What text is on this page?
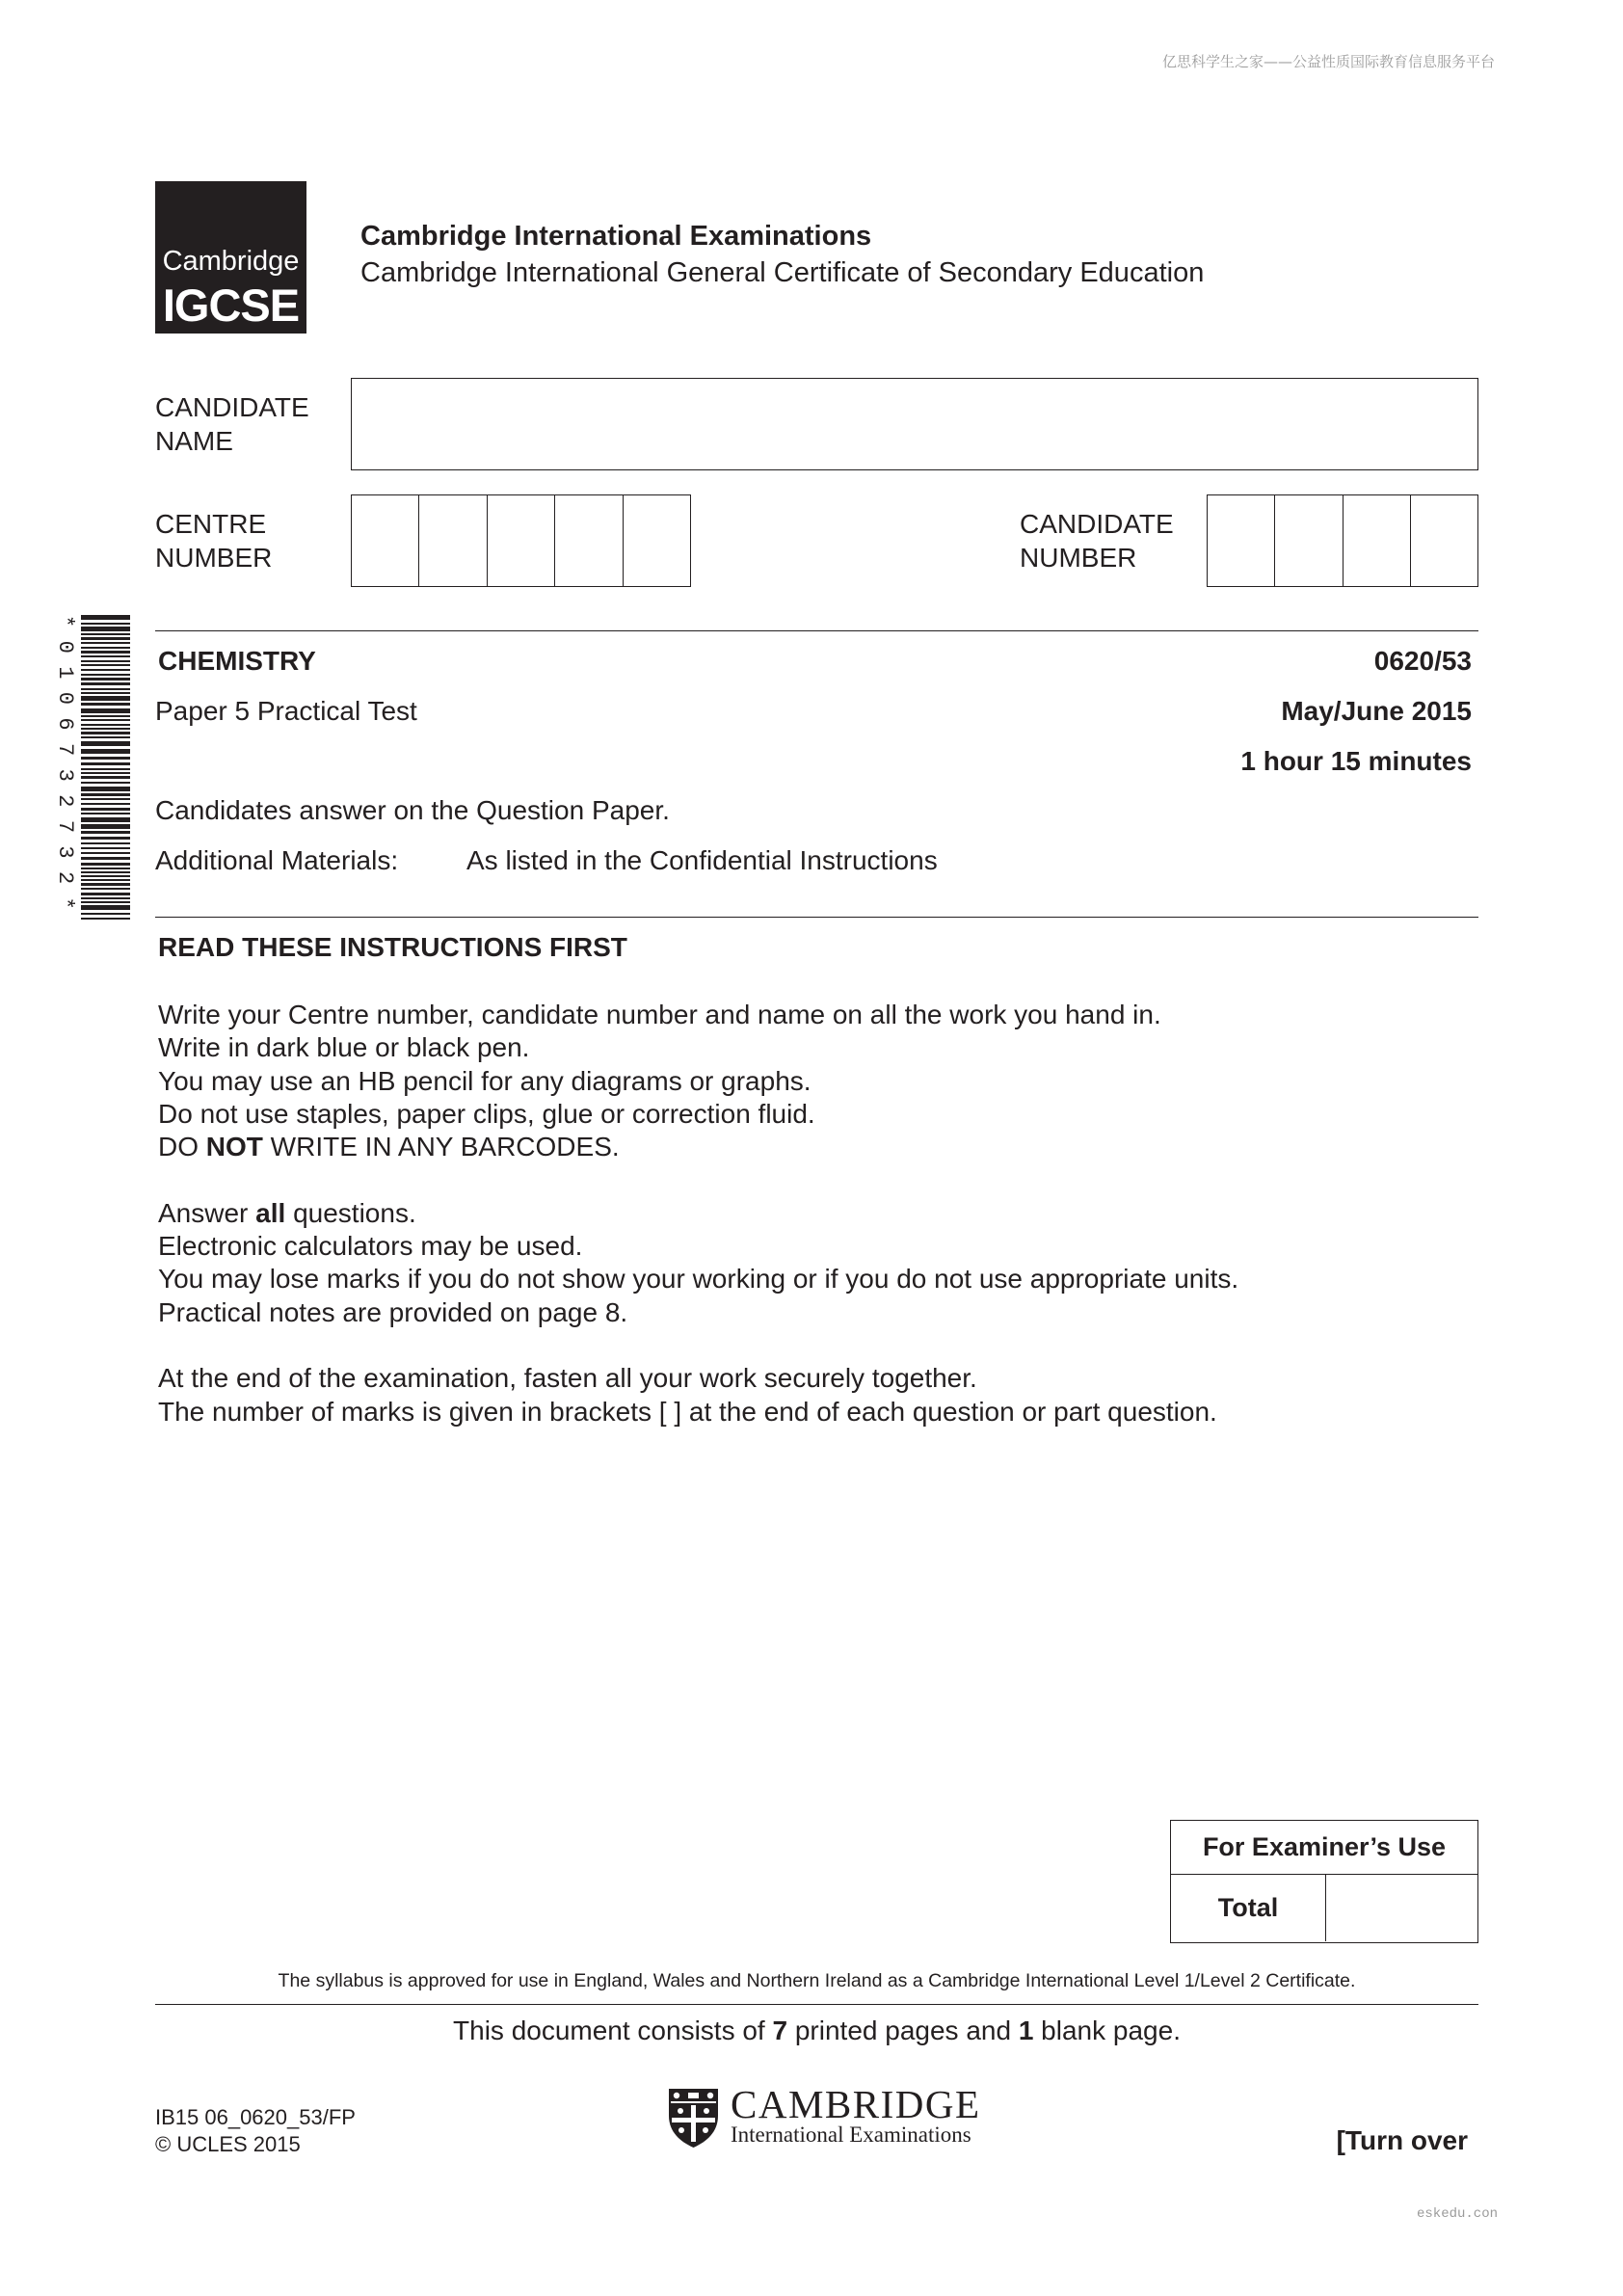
亿思科学生之家——公益性质国际教育信息服务平台
Cambridge
IGCSE
Cambridge International Examinations
Cambridge International General Certificate of Secondary Education
CANDIDATE
NAME
CENTRE
NUMBER
CANDIDATE
NUMBER
*0106732732*	CHEMISTRY	0620/53
Paper 5 Practical Test	May/June 2015
1 hour 15 minutes
Candidates answer on the Question Paper.
Additional Materials:	As listed in the Confidential Instructions
READ THESE INSTRUCTIONS FIRST
Write your Centre number, candidate number and name on all the work you hand in.
Write in dark blue or black pen.
You may use an HB pencil for any diagrams or graphs.
Do not use staples, paper clips, glue or correction fluid.
DO NOT WRITE IN ANY BARCODES.
Answer all questions.
Electronic calculators may be used.
You may lose marks if you do not show your working or if you do not use appropriate units.
Practical notes are provided on page 8.
At the end of the examination, fasten all your work securely together.
The number of marks is given in brackets [ ] at the end of each question or part question.
For Examiner’s Use
Total
The syllabus is approved for use in England, Wales and Northern Ireland as a Cambridge International Level 1/Level 2 Certificate.
This document consists of 7 printed pages and 1 blank page.
IB15 06_0620_53/FP
© UCLES 2015
CAMBRIDGE
International Examinations	[Turn over
eskedu.con
